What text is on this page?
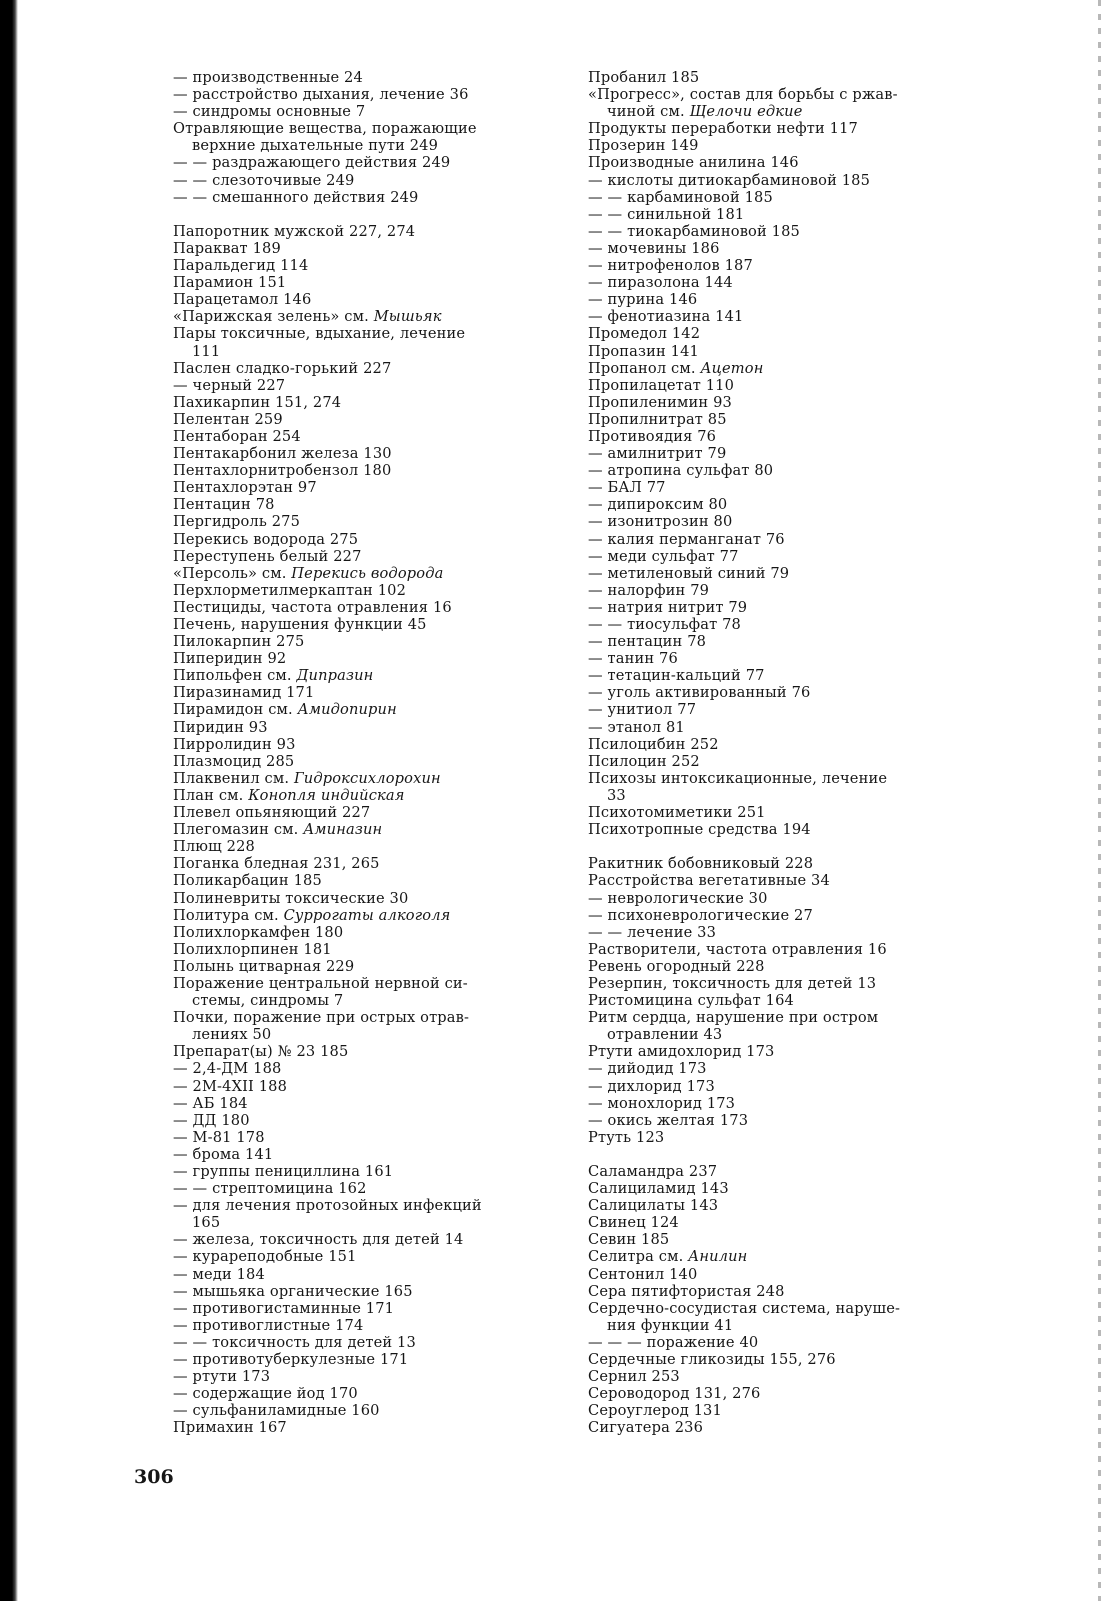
— производственные 24
— расстройство дыхания, лечение 36
— синдромы основные 7
Отравляющие вещества, поражающие
верхние дыхательные пути 249
— — раздражающего действия 249
— — слезоточивые 249
— — смешанного действия 249
Папоротник мужской 227, 274
Паракват 189
Паральдегид 114
Парамион 151
Парацетамол 146
«Парижская зелень» см. Мышьяк
Пары токсичные, вдыхание, лечение
111
Паслен сладко-горький 227
— черный 227
Пахикарпин 151, 274
Пелентан 259
Пентаборан 254
Пентакарбонил железа 130
Пентахлорнитробензол 180
Пентахлорэтан 97
Пентацин 78
Пергидроль 275
Перекись водорода 275
Переступень белый 227
«Персоль» см. Перекись водорода
Перхлорметилмеркаптан 102
Пестициды, частота отравления 16
Печень, нарушения функции 45
Пилокарпин 275
Пиперидин 92
Пипольфен см. Дипразин
Пиразинамид 171
Пирамидон см. Амидопирин
Пиридин 93
Пирролидин 93
Плазмоцид 285
Плаквенил см. Гидроксихлорохин
План см. Конопля индийская
Плевел опьяняющий 227
Плегомазин см. Аминазин
Плющ 228
Поганка бледная 231, 265
Поликарбацин 185
Полиневриты токсические 30
Политура см. Суррогаты алкоголя
Полихлоркамфен 180
Полихлорпинен 181
Полынь цитварная 229
Поражение центральной нервной си-
стемы, синдромы 7
Почки, поражение при острых отрав-
лениях 50
Препарат(ы) № 23 185
— 2,4-ДМ 188
— 2М-4ХII 188
— АБ 184
— ДД 180
— М-81 178
— брома 141
— группы пенициллина 161
— — стрептомицина 162
— для лечения протозойных инфекций
165
— железа, токсичность для детей 14
— курареподобные 151
— меди 184
— мышьяка органические 165
— противогистаминные 171
— противоглистные 174
— — токсичность для детей 13
— противотуберкулезные 171
— ртути 173
— содержащие йод 170
— сульфаниламидные 160
Примахин 167
Пробанил 185
«Прогресс», состав для борьбы с ржав-
чиной см. Щелочи едкие
Продукты переработки нефти 117
Прозерин 149
Производные анилина 146
— кислоты дитиокарбаминовой 185
— — карбаминовой 185
— — синильной 181
— — тиокарбаминовой 185
— мочевины 186
— нитрофенолов 187
— пиразолона 144
— пурина 146
— фенотиазина 141
Промедол 142
Пропазин 141
Пропанол см. Ацетон
Пропилацетат 110
Пропиленимин 93
Пропилнитрат 85
Противоядия 76
— амилнитрит 79
— атропина сульфат 80
— БАЛ 77
— дипироксим 80
— изонитрозин 80
— калия перманганат 76
— меди сульфат 77
— метиленовый синий 79
— налорфин 79
— натрия нитрит 79
— — тиосульфат 78
— пентацин 78
— танин 76
— тетацин-кальций 77
— уголь активированный 76
— унитиол 77
— этанол 81
Псилоцибин 252
Псилоцин 252
Психозы интоксикационные, лечение
33
Психотомиметики 251
Психотропные средства 194
Ракитник бобовниковый 228
Расстройства вегетативные 34
— неврологические 30
— психоневрологические 27
— — лечение 33
Растворители, частота отравления 16
Ревень огородный 228
Резерпин, токсичность для детей 13
Ристомицина сульфат 164
Ритм сердца, нарушение при остром
отравлении 43
Ртути амидохлорид 173
— дийодид 173
— дихлорид 173
— монохлорид 173
— окись желтая 173
Ртуть 123
Саламандра 237
Салициламид 143
Салицилаты 143
Свинец 124
Севин 185
Селитра см. Анилин
Сентонил 140
Сера пятифтористая 248
Сердечно-сосудистая система, наруше-
ния функции 41
— — — поражение 40
Сердечные гликозиды 155, 276
Сернил 253
Сероводород 131, 276
Сероуглерод 131
Сигуатера 236
306
